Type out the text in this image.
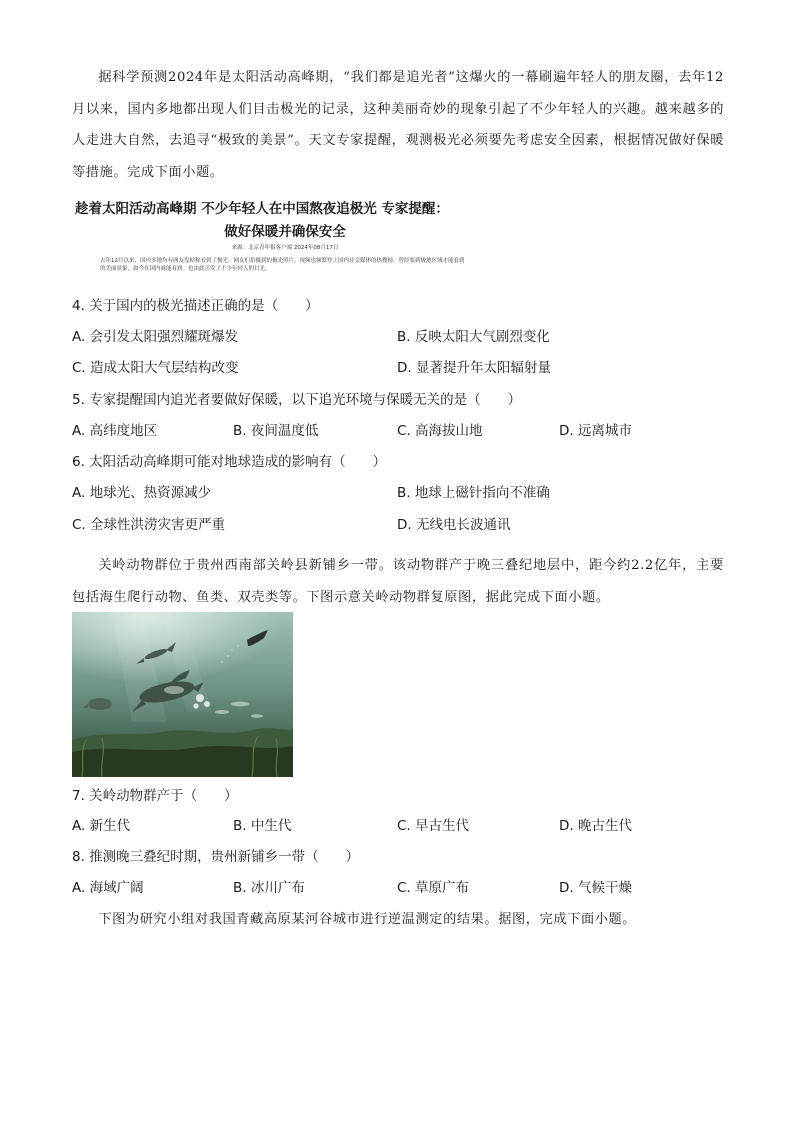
据科学预测2024年是太阳活动高峰期，“我们都是追光者”这爆火的一幕刷遍年轻人的朋友圈，去年12月以来，国内多地都出现人们目击极光的记录，这种美丽奇妙的现象引起了不少年轻人的兴趣。越来越多的人走进大自然，去追寻“极致的美景”。天文专家提醒，观测极光必须要先考虑安全因素，根据情况做好保暖等措施。完成下面小题。

趁着太阳活动高峰期 不少年轻人在中国熬夜追极光 专家提醒：
做好保暖并确保安全
来源：北京青年报客户端 2024年08月17日
去年12月以来，国内多地均有网友发帖称看到了极光。网友们拍摄到的极光照片，视频也频繁登上国内社交媒体的热搜榜，曾经要到极地区域才能看到的美丽景象，如今在国内就能看到。也由此引发了不少年轻人的目光。
4. 关于国内的极光描述正确的是（　　）
A. 会引发太阳强烈耀斑爆发	B. 反映太阳大气剧烈变化
C. 造成太阳大气层结构改变	D. 显著提升年太阳辐射量
5. 专家提醒国内追光者要做好保暖，以下追光环境与保暖无关的是（　　）
A. 高纬度地区	B. 夜间温度低	C. 高海拔山地	D. 远离城市
6. 太阳活动高峰期可能对地球造成的影响有（　　）
A. 地球光、热资源减少	B. 地球上磁针指向不准确
C. 全球性洪涝灾害更严重	D. 无线电长波通讯

关岭动物群位于贵州西南部关岭县新铺乡一带。该动物群产于晚三叠纪地层中，距今约2.2亿年，主要包括海生爬行动物、鱼类、双壳类等。下图示意关岭动物群复原图，据此完成下面小题。

7. 关岭动物群产于（　　）
A. 新生代	B. 中生代	C. 早古生代	D. 晚古生代
8. 推测晚三叠纪时期，贵州新铺乡一带（　　）
A. 海域广阔	B. 冰川广布	C. 草原广布	D. 气候干燥

下图为研究小组对我国青藏高原某河谷城市进行逆温测定的结果。据图，完成下面小题。
